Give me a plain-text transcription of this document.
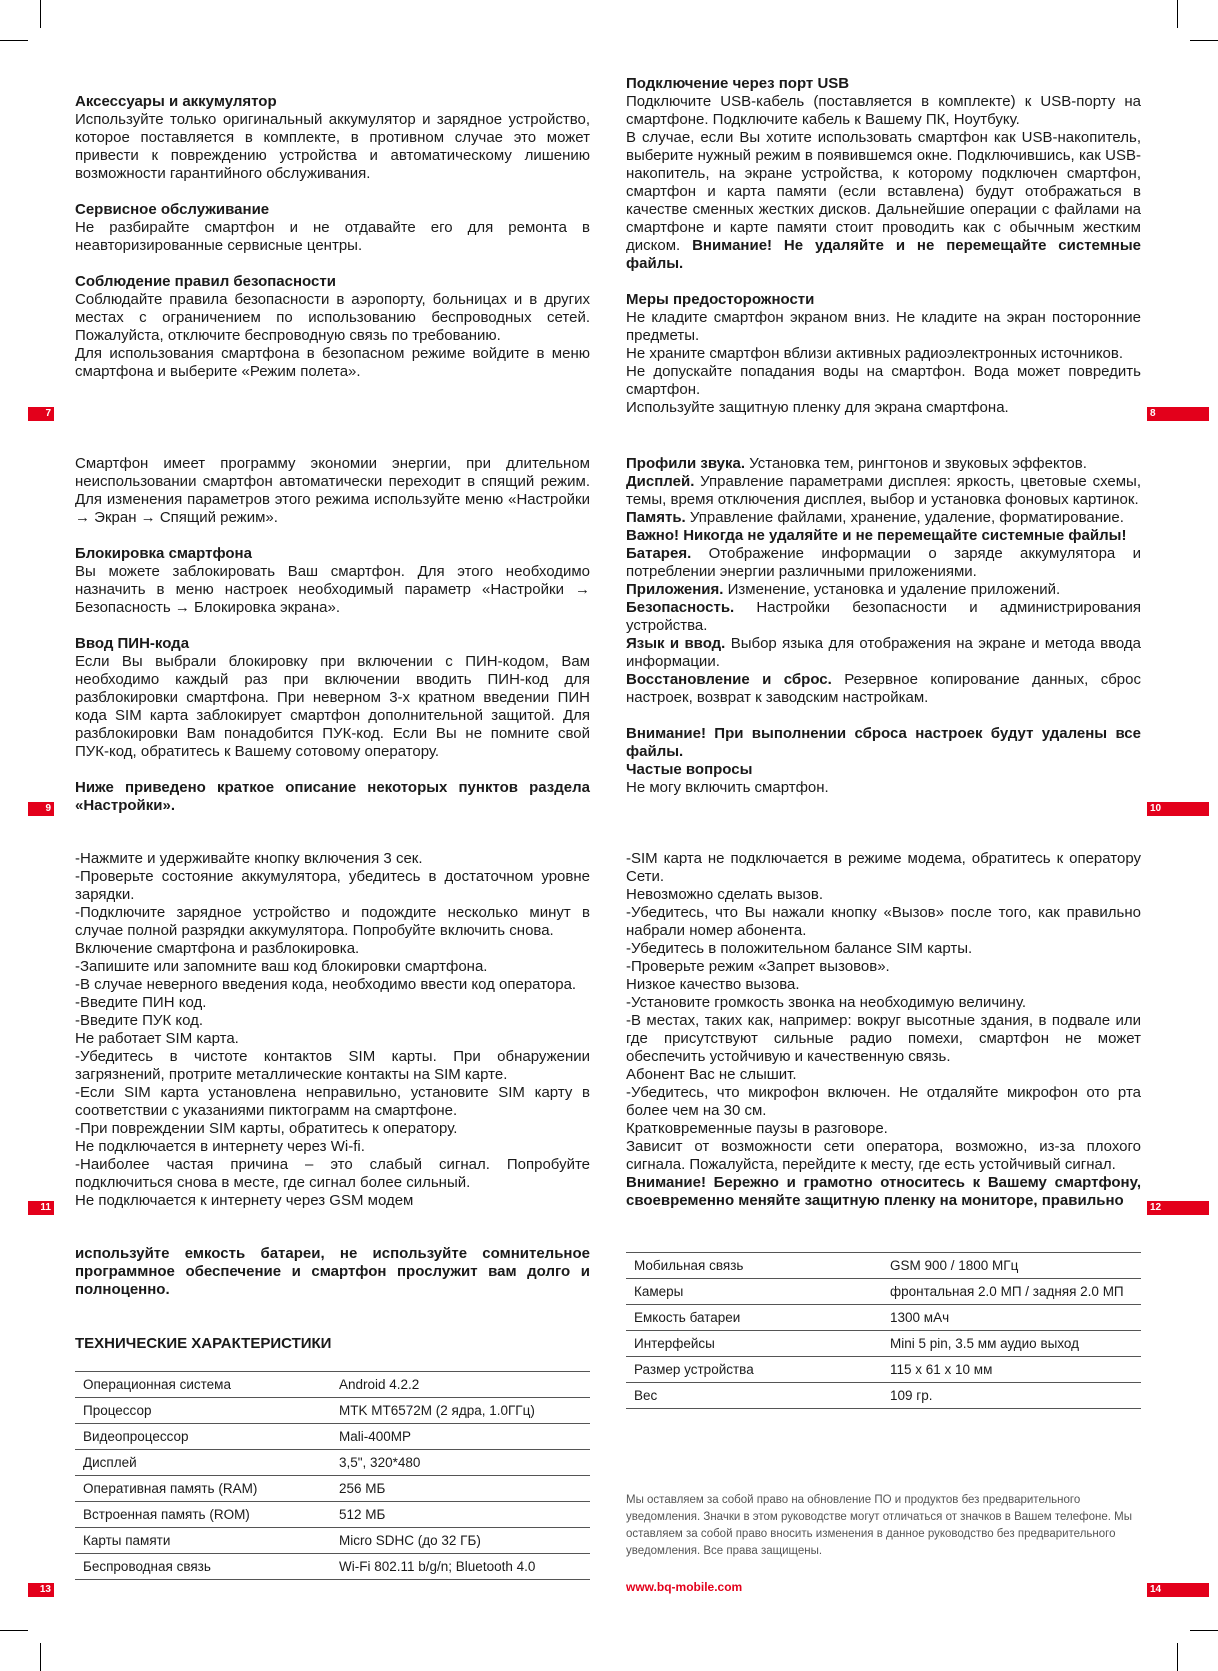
Аксессуары и аккумулятор

Используйте только оригинальный аккумулятор и зарядное устройство, которое поставляется в комплекте, в противном случае это может привести к повреждению устройства и автоматическому лишению возможности гарантийного обслуживания.

Сервисное обслуживание

Не разбирайте смартфон и не отдавайте его для ремонта в неавторизированные сервисные центры.

Соблюдение правил безопасности

Соблюдайте правила безопасности в аэропорту, больницах и в других местах с ограничением по использованию беспроводных сетей. Пожалуйста, отключите беспроводную связь по требованию.

Для использования смартфона в безопасном режиме войдите в меню смартфона и выберите «Режим полета».

7
Подключение через порт USB

Подключите USB-кабель (поставляется в комплекте) к USB-порту на смартфоне. Подключите кабель к Вашему ПК, Ноутбуку.

В случае, если Вы хотите использовать смартфон как USB-накопитель, выберите нужный режим в появившемся окне. Подключившись, как USB-накопитель, на экране устройства, к которому подключен смартфон, смартфон и карта памяти (если вставлена) будут отображаться в качестве сменных жестких дисков. Дальнейшие операции с файлами на смартфоне и карте памяти стоит проводить как с обычным жестким диском. Внимание! Не удаляйте и не перемещайте системные файлы.

Меры предосторожности

Не кладите смартфон экраном вниз. Не кладите на экран посторонние предметы.

Не храните смартфон вблизи активных радиоэлектронных источников.

Не допускайте попадания воды на смартфон. Вода может повредить смартфон.

Используйте защитную пленку для экрана смартфона.	8

Смартфон имеет программу экономии энергии, при длительном неиспользовании смартфон автоматически переходит в спящий режим. Для изменения параметров этого режима используйте меню «Настройки → Экран → Спящий режим».

Блокировка смартфона

Вы можете заблокировать Ваш смартфон. Для этого необходимо назначить в меню настроек необходимый параметр «Настройки → Безопасность → Блокировка экрана».

Ввод ПИН-кода

Если Вы выбрали блокировку при включении с ПИН-кодом, Вам необходимо каждый раз при включении вводить ПИН-код для разблокировки смартфона. При неверном 3-х кратном введении ПИН кода SIM карта заблокирует смартфон дополнительной защитой. Для разблокировки Вам понадобится ПУК-код. Если Вы не помните свой ПУК-код, обратитесь к Вашему сотовому оператору.

Ниже приведено краткое описание некоторых пунктов раздела «Настройки».

9

Профили звука. Установка тем, рингтонов и звуковых эффектов.

Дисплей. Управление параметрами дисплея: яркость, цветовые схемы, темы, время отключения дисплея, выбор и установка фоновых картинок.

Память. Управление файлами, хранение, удаление, форматирование.

Важно! Никогда не удаляйте и не перемещайте системные файлы!

Батарея. Отображение информации о заряде аккумулятора и потреблении энергии различными приложениями.

Приложения. Изменение, установка и удаление приложений.

Безопасность. Настройки безопасности и администрирования устройства.

Язык и ввод. Выбор языка для отображения на экране и метода ввода информации.

Восстановление и сброс. Резервное копирование данных, сброс настроек, возврат к заводским настройкам.

Внимание! При выполнении сброса настроек будут удалены все файлы.

Частые вопросы

Не могу включить смартфон.

10

-Нажмите и удерживайте кнопку включения 3 сек.

-Проверьте состояние аккумулятора, убедитесь в достаточном уровне зарядки.

-Подключите зарядное устройство и подождите несколько минут в случае полной разрядки аккумулятора. Попробуйте включить снова.

Включение смартфона и разблокировка.

-Запишите или запомните ваш код блокировки смартфона.

-В случае неверного введения кода, необходимо ввести код оператора.

-Введите ПИН код.

-Введите ПУК код.

Не работает SIM карта.

-Убедитесь в чистоте контактов SIM карты. При обнаружении загрязнений, протрите металлические контакты на SIM карте.

-Если SIM карта установлена неправильно, установите SIM карту в соответствии с указаниями пиктограмм на смартфоне.

-При повреждении SIM карты, обратитесь к оператору.

Не подключается в интернету через Wi-fi.

-Наиболее частая причина – это слабый сигнал. Попробуйте подключиться снова в месте, где сигнал более сильный.

Не подключается к интернету через GSM модем

11

-SIM карта не подключается в режиме модема, обратитесь к оператору Сети.

Невозможно сделать вызов.

-Убедитесь, что Вы нажали кнопку «Вызов» после того, как правильно набрали номер абонента.

-Убедитесь в положительном балансе SIM карты.

-Проверьте режим «Запрет вызовов».

Низкое качество вызова.

-Установите громкость звонка на необходимую величину.

-В местах, таких как, например: вокруг высотные здания, в подвале или где присутствуют сильные радио помехи, смартфон не может обеспечить устойчивую и качественную связь.

Абонент Вас не слышит.

-Убедитесь, что микрофон включен. Не отдаляйте микрофон ото рта более чем на 30 см.

Кратковременные паузы в разговоре.

Зависит от возможности сети оператора, возможно, из-за плохого сигнала. Пожалуйста, перейдите к месту, где есть устойчивый сигнал.

Внимание! Бережно и грамотно относитесь к Вашему смартфону, своевременно меняйте защитную пленку на мониторе, правильно	12

используйте емкость батареи, не используйте сомнительное программное обеспечение и смартфон прослужит вам долго и полноценно.

ТЕХНИЧЕСКИЕ ХАРАКТЕРИСТИКИ
Операционная система	Android 4.2.2
Процессор	MTK MT6572M (2 ядра, 1.0ГГц)
Видеопроцессор	Mali-400MP
Дисплей	3,5", 320*480
Оперативная память (RAM)	256 МБ
Встроенная память (ROM)	512 МБ
Карты памяти	Micro SDHC (до 32 ГБ)
Беспроводная связь	Wi-Fi 802.11 b/g/n; Bluetooth 4.0
13
Мобильная связь	GSM 900 / 1800 МГц
Камеры	фронтальная 2.0 МП / задняя 2.0 МП
Емкость батареи	1300 мАч
Интерфейсы	Mini 5 pin, 3.5 мм аудио выход
Размер устройства	115 х 61 х 10 мм
Вес	109 гр.
Мы оставляем за собой право на обновление ПО и продуктов без предварительного уведомления. Значки в этом руководстве могут отличаться от значков в Вашем телефоне. Мы оставляем за собой право вносить изменения в данное руководство без предварительного уведомления. Все права защищены.
www.bq-mobile.com	14
